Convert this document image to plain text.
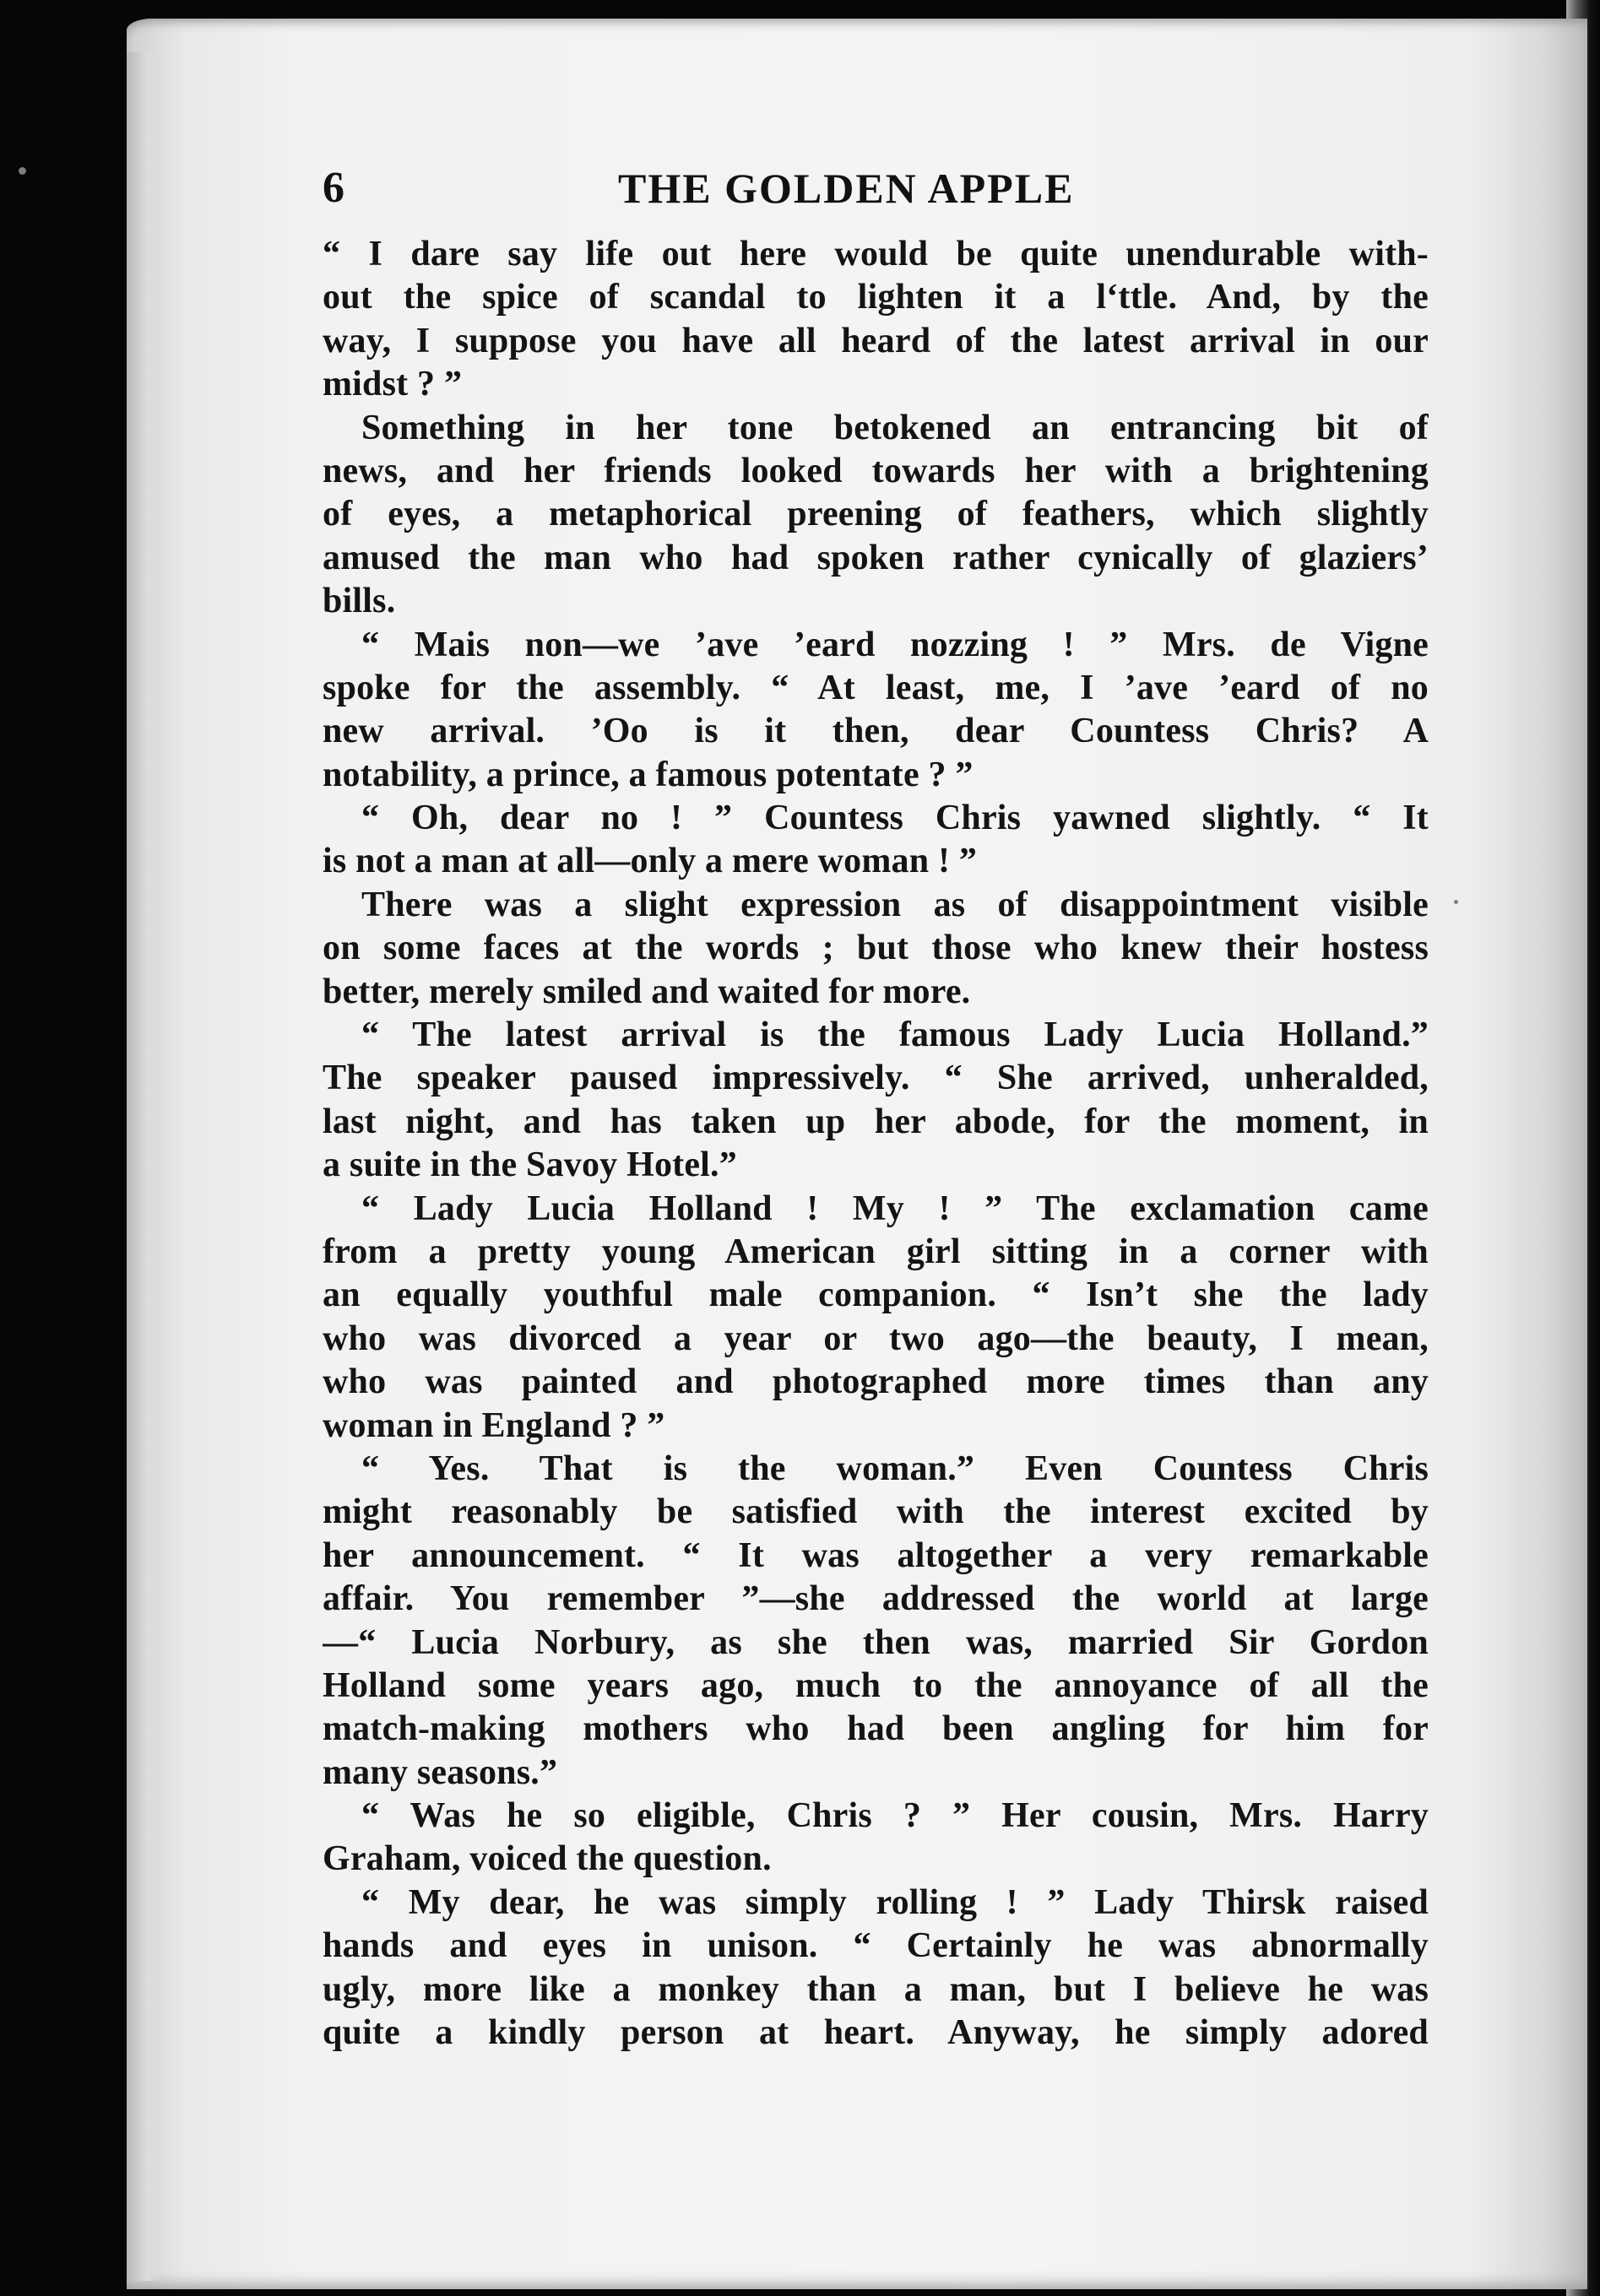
6	THE GOLDEN APPLE
“ I dare say life out here would be quite unendurable with-
out the spice of scandal to lighten it a l‘ttle. And, by the
way, I suppose you have all heard of the latest arrival in our
midst ? ”
Something in her tone betokened an entrancing bit of
news, and her friends looked towards her with a brightening
of eyes, a metaphorical preening of feathers, which slightly
amused the man who had spoken rather cynically of glaziers’
bills.
“ Mais non—we ’ave ’eard nozzing ! ” Mrs. de Vigne
spoke for the assembly. “ At least, me, I ’ave ’eard of no
new arrival. ’Oo is it then, dear Countess Chris? A
notability, a prince, a famous potentate ? ”
“ Oh, dear no ! ” Countess Chris yawned slightly. “ It
is not a man at all—only a mere woman ! ”
There was a slight expression as of disappointment visible
on some faces at the words ; but those who knew their hostess
better, merely smiled and waited for more.
“ The latest arrival is the famous Lady Lucia Holland.”
The speaker paused impressively. “ She arrived, unheralded,
last night, and has taken up her abode, for the moment, in
a suite in the Savoy Hotel.”
“ Lady Lucia Holland ! My ! ” The exclamation came
from a pretty young American girl sitting in a corner with
an equally youthful male companion. “ Isn’t she the lady
who was divorced a year or two ago—the beauty, I mean,
who was painted and photographed more times than any
woman in England ? ”
“ Yes. That is the woman.” Even Countess Chris
might reasonably be satisfied with the interest excited by
her announcement. “ It was altogether a very remarkable
affair. You remember ”—she addressed the world at large
—“ Lucia Norbury, as she then was, married Sir Gordon
Holland some years ago, much to the annoyance of all the
match-making mothers who had been angling for him for
many seasons.”
“ Was he so eligible, Chris ? ” Her cousin, Mrs. Harry
Graham, voiced the question.
“ My dear, he was simply rolling ! ” Lady Thirsk raised
hands and eyes in unison. “ Certainly he was abnormally
ugly, more like a monkey than a man, but I believe he was
quite a kindly person at heart. Anyway, he simply adored
